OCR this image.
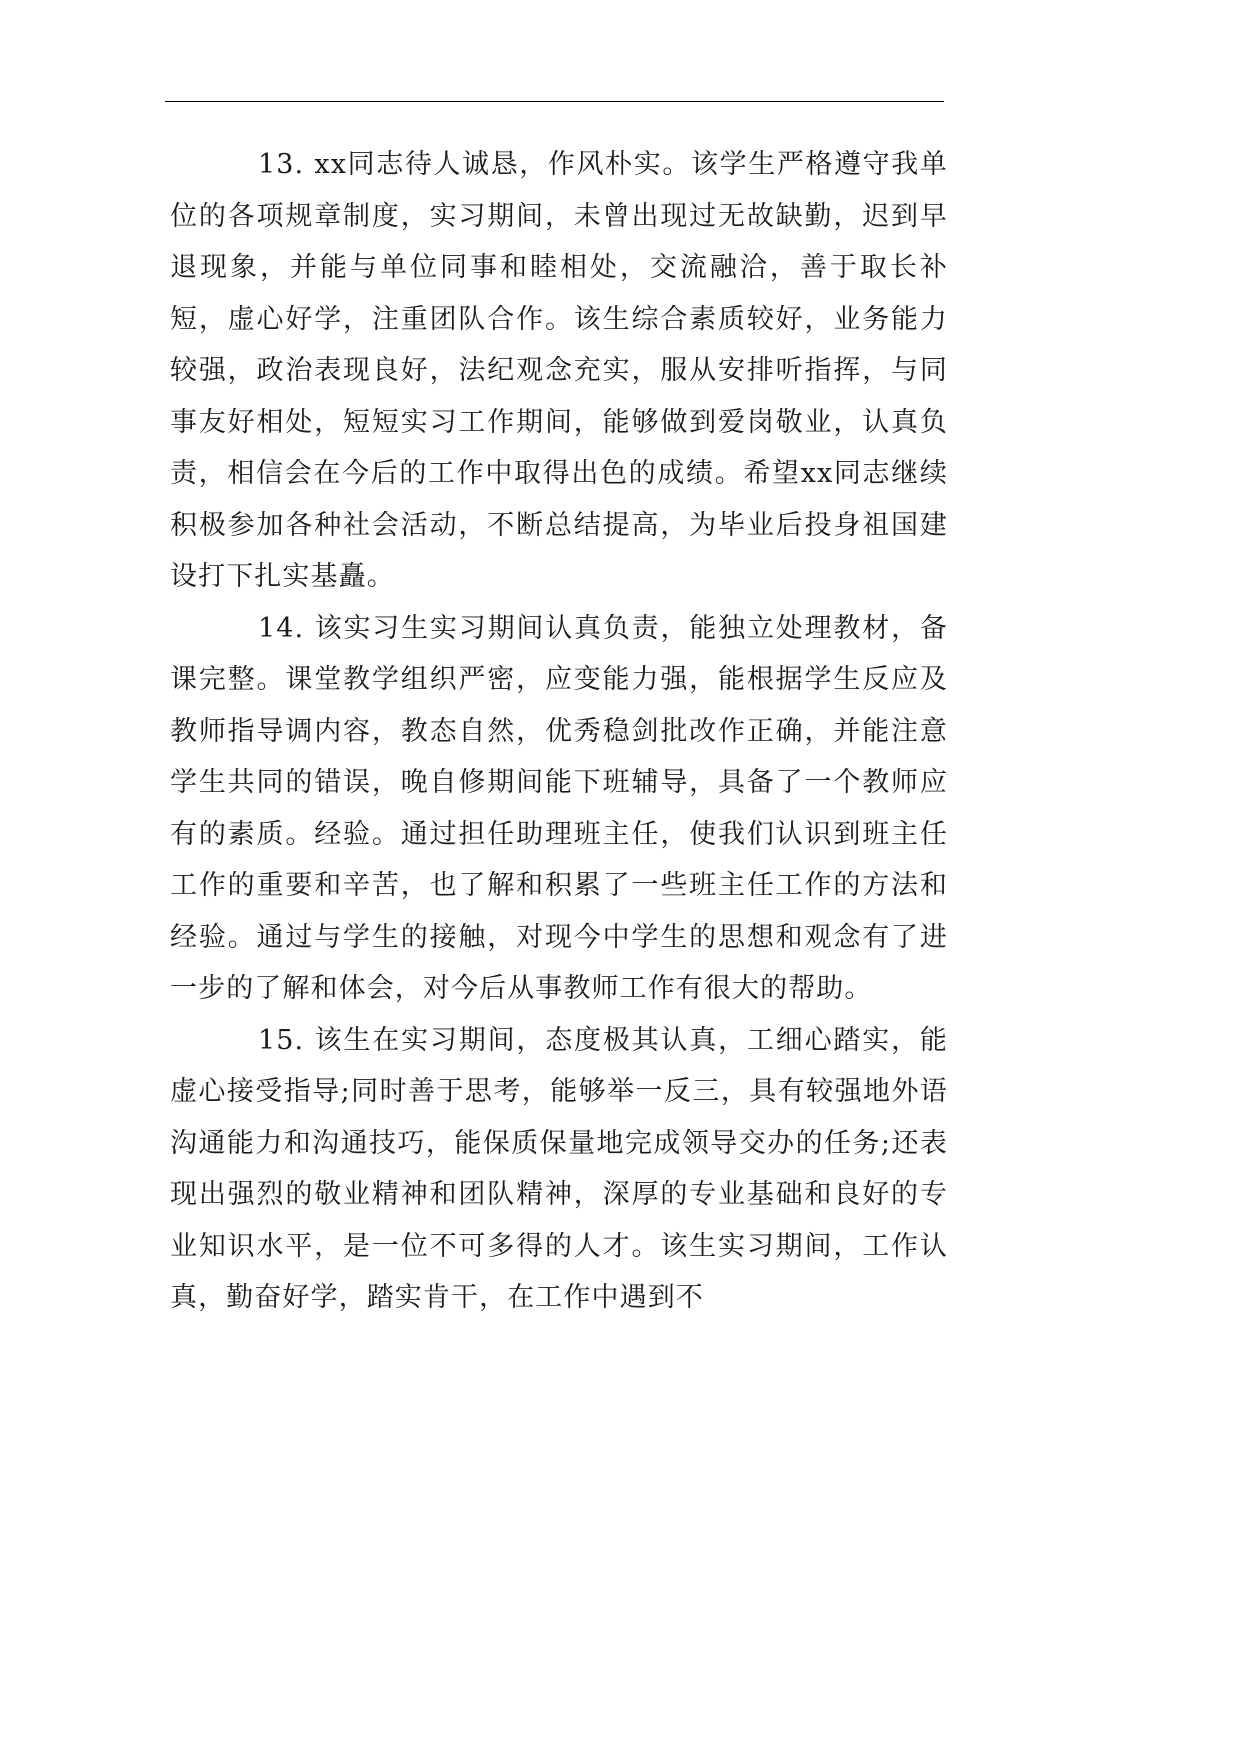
13. xx同志待人诚恳，作风朴实。该学生严格遵守我单位的各项规章制度，实习期间，未曾出现过无故缺勤，迟到早退现象，并能与单位同事和睦相处，交流融洽，善于取长补短，虚心好学，注重团队合作。该生综合素质较好，业务能力较强，政治表现良好，法纪观念充实，服从安排听指挥，与同事友好相处，短短实习工作期间，能够做到爱岗敬业，认真负责，相信会在今后的工作中取得出色的成绩。希望xx同志继续积极参加各种社会活动，不断总结提高，为毕业后投身祖国建设打下扎实基矗。

14. 该实习生实习期间认真负责，能独立处理教材，备课完整。课堂教学组织严密，应变能力强，能根据学生反应及教师指导调内容，教态自然，优秀稳剑批改作正确，并能注意学生共同的错误，晚自修期间能下班辅导，具备了一个教师应有的素质。经验。通过担任助理班主任，使我们认识到班主任工作的重要和辛苦，也了解和积累了一些班主任工作的方法和经验。通过与学生的接触，对现今中学生的思想和观念有了进一步的了解和体会，对今后从事教师工作有很大的帮助。

15. 该生在实习期间，态度极其认真，工细心踏实，能虚心接受指导;同时善于思考，能够举一反三，具有较强地外语沟通能力和沟通技巧，能保质保量地完成领导交办的任务;还表现出强烈的敬业精神和团队精神，深厚的专业基础和良好的专业知识水平，是一位不可多得的人才。该生实习期间，工作认真，勤奋好学，踏实肯干，在工作中遇到不
